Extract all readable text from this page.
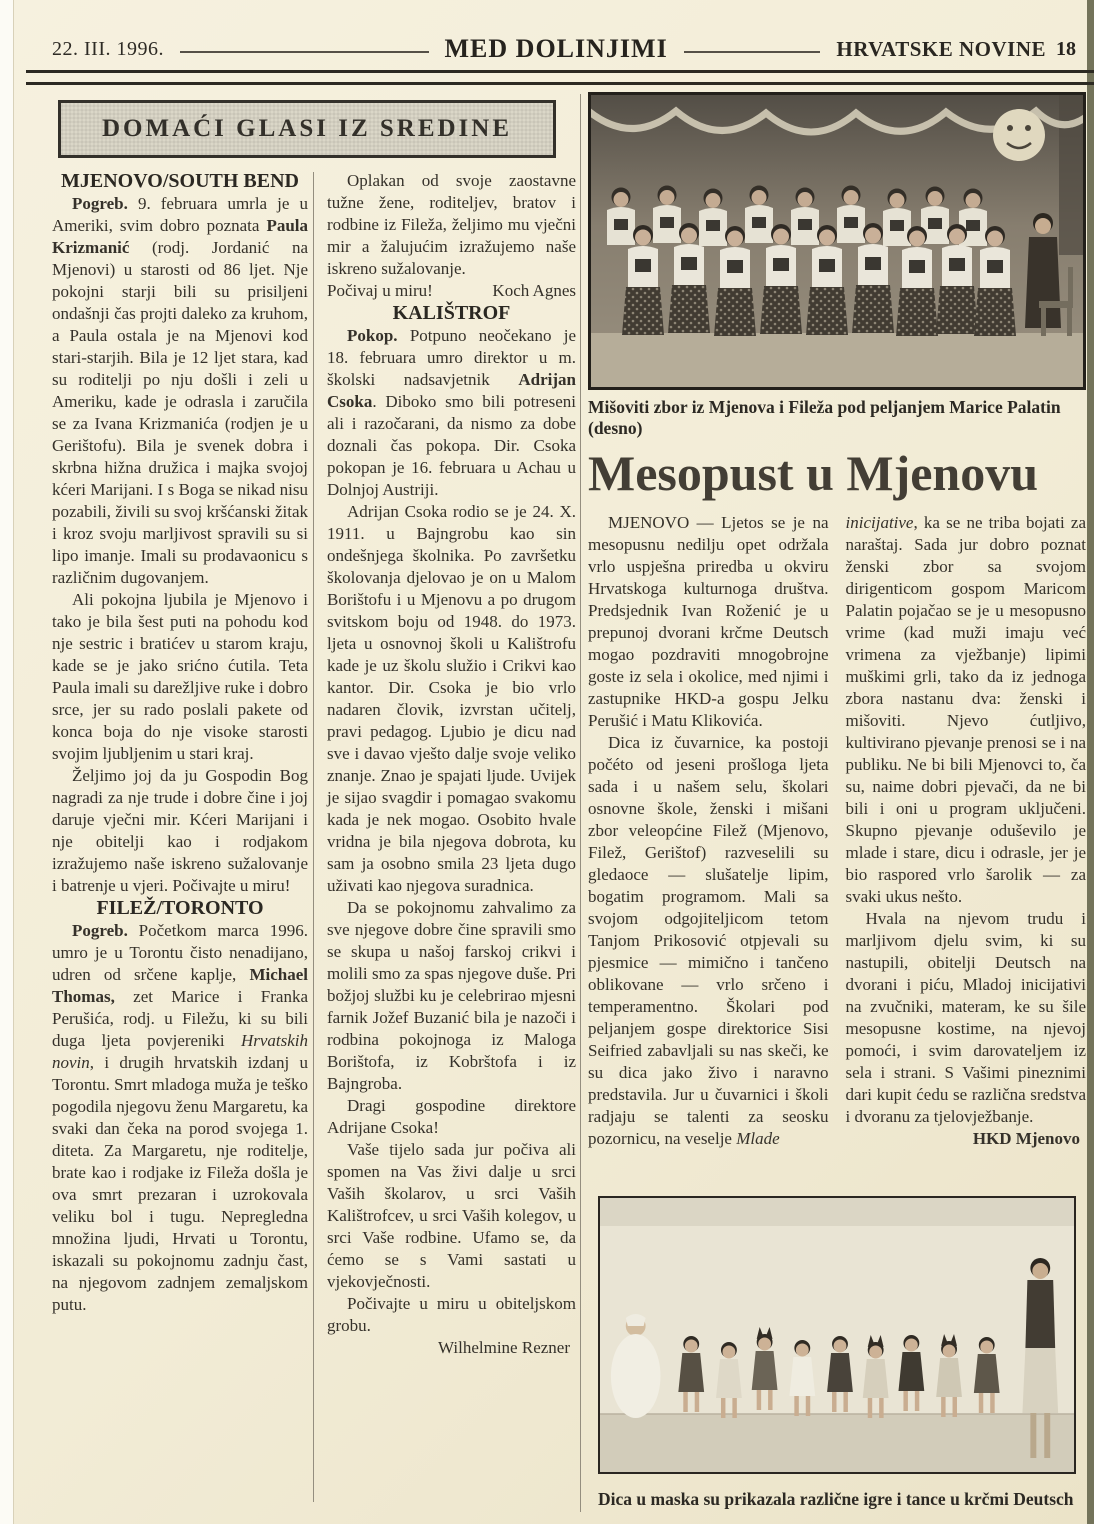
22. III. 1996.	MED DOLINJIMI	HRVATSKE NOVINE 18
DOMAĆI GLASI IZ SREDINE
MJENOVO/SOUTH BEND

Pogreb. 9. februara umrla je u Ameriki, svim dobro poznata Paula Krizmanić (rodj. Jordanić na Mjenovi) u starosti od 86 ljet. Nje pokojni starji bili su prisiljeni ondašnji čas projti daleko za kruhom, a Paula ostala je na Mjenovi kod stari-starjih. Bila je 12 ljet stara, kad su roditelji po nju došli i zeli u Ameriku, kade je odrasla i zaručila se za Ivana Krizmanića (rodjen je u Gerištofu). Bila je svenek dobra i skrbna hižna družica i majka svojoj kćeri Marijani. I s Boga se nikad nisu pozabili, živili su svoj kršćanski žitak i kroz svoju marljivost spravili su si lipo imanje. Imali su prodavaonicu s različnim dugovanjem.

Ali pokojna ljubila je Mjenovo i tako je bila šest puti na pohodu kod nje sestric i bratićev u starom kraju, kade se je jako srićno ćutila. Teta Paula imali su darežljive ruke i dobro srce, jer su rado poslali pakete od konca boja do nje visoke starosti svojim ljubljenim u stari kraj.

Željimo joj da ju Gospodin Bog nagradi za nje trude i dobre čine i joj daruje vječni mir. Kćeri Marijani i nje obitelji kao i rodjakom izražujemo naše iskreno sužalovanje i batrenje u vjeri. Počivajte u miru!

FILEŽ/TORONTO

Pogreb. Početkom marca 1996. umro je u Torontu čisto nenadijano, udren od srčene kaplje, Michael Thomas, zet Marice i Franka Perušića, rodj. u Filežu, ki su bili duga ljeta povjereniki Hrvatskih novin, i drugih hrvatskih izdanj u Torontu. Smrt mladoga muža je teško pogodila njegovu ženu Margaretu, ka svaki dan čeka na porod svojega 1. diteta. Za Margaretu, nje roditelje, brate kao i rodjake iz Fileža došla je ova smrt prezaran i uzrokovala veliku bol i tugu. Nepregledna množina ljudi, Hrvati u Torontu, iskazali su pokojnomu zadnju čast, na njegovom zadnjem zemaljskom putu.

Oplakan od svoje zaostavne tužne žene, roditeljev, bratov i rodbine iz Fileža, željimo mu vječni mir a žalujućim izražujemo naše iskreno sužalovanje.

Počivaj u miru!	Koch Agnes

KALIŠTROF

Pokop. Potpuno neočekano je 18. februara umro direktor u m. školski nadsavjetnik Adrijan Csoka. Diboko smo bili potreseni ali i razočarani, da nismo za dobe doznali čas pokopa. Dir. Csoka pokopan je 16. februara u Achau u Dolnjoj Austriji.

Adrijan Csoka rodio se je 24. X. 1911. u Bajngrobu kao sin ondešnjega školnika. Po završetku školovanja djelovao je on u Malom Borištofu i u Mjenovu a po drugom svitskom boju od 1948. do 1973. ljeta u osnovnoj školi u Kalištrofu kade je uz školu služio i Crikvi kao kantor. Dir. Csoka je bio vrlo nadaren človik, izvrstan učitelj, pravi pedagog. Ljubio je dicu nad sve i davao vješto dalje svoje veliko znanje. Znao je spajati ljude. Uvijek je sijao svagdir i pomagao svakomu kada je nek mogao. Osobito hvale vridna je bila njegova dobrota, ku sam ja osobno smila 23 ljeta dugo uživati kao njegova suradnica.

Da se pokojnomu zahvalimo za sve njegove dobre čine spravili smo se skupa u našoj farskoj crikvi i molili smo za spas njegove duše. Pri božjoj službi ku je celebrirao mjesni farnik Jožef Buzanić bila je nazoči i rodbina pokojnoga iz Maloga Borištofa, iz Kobrštofa i iz Bajngroba.

Dragi gospodine direktore Adrijane Csoka!

Vaše tijelo sada jur počiva ali spomen na Vas živi dalje u srci Vaših školarov, u srci Vaših Kalištrofcev, u srci Vaših kolegov, u srci Vaše rodbine. Ufamo se, da ćemo se s Vami sastati u vjekovječnosti.

Počivajte u miru u obiteljskom grobu.

Wilhelmine Rezner

Mišoviti zbor iz Mjenova i Fileža pod peljanjem Marice Palatin (desno)
Mesopust u Mjenovu

MJENOVO — Ljetos se je na mesopusnu nedilju opet održala vrlo uspješna priredba u okviru Hrvatskoga kulturnoga društva. Predsjednik Ivan Roženić je u prepunoj dvorani krčme Deutsch mogao pozdraviti mnogobrojne goste iz sela i okolice, med njimi i zastupnike HKD-a gospu Jelku Perušić i Matu Klikovića.

Dica iz čuvarnice, ka postoji počéto od jeseni prošloga ljeta sada i u našem selu, školari osnovne škole, ženski i mišani zbor veleopćine Filež (Mjenovo, Filež, Gerištof) razveselili su gledaoce — slušatelje lipim, bogatim programom. Mali sa svojom odgojiteljicom tetom Tanjom Prikosović otpjevali su pjesmice — mimično i tančeno oblikovane — vrlo srčeno i temperamentno. Školari pod peljanjem gospe direktorice Sisi Seifried zabavljali su nas skeči, ke su dica jako živo i naravno predstavila. Jur u čuvarnici i školi radjaju se talenti za seosku pozornicu, na veselje Mlade

inicijative, ka se ne triba bojati za naraštaj. Sada jur dobro poznat ženski zbor sa svojom dirigenticom gospom Maricom Palatin pojačao se je u mesopusno vrime (kad muži imaju već vrimena za vježbanje) lipimi muškimi grli, tako da iz jednoga zbora nastanu dva: ženski i mišoviti. Njevo ćutljivo, kultivirano pjevanje prenosi se i na publiku. Ne bi bili Mjenovci to, ča su, naime dobri pjevači, da ne bi bili i oni u program uključeni. Skupno pjevanje oduševilo je mlade i stare, dicu i odrasle, jer je bio raspored vrlo šarolik — za svaki ukus nešto.

Hvala na njevom trudu i marljivom djelu svim, ki su nastupili, obitelji Deutsch na dvorani i piću, Mladoj inicijativi na zvučniki, materam, ke su šile mesopusne kostime, na njevoj pomoći, i svim darovateljem iz sela i strani. S Vašimi pineznimi dari kupit ćedu se različna sredstva i dvoranu za tjelovježbanje.

HKD Mjenovo

Dica u maska su prikazala različne igre i tance u krčmi Deutsch
